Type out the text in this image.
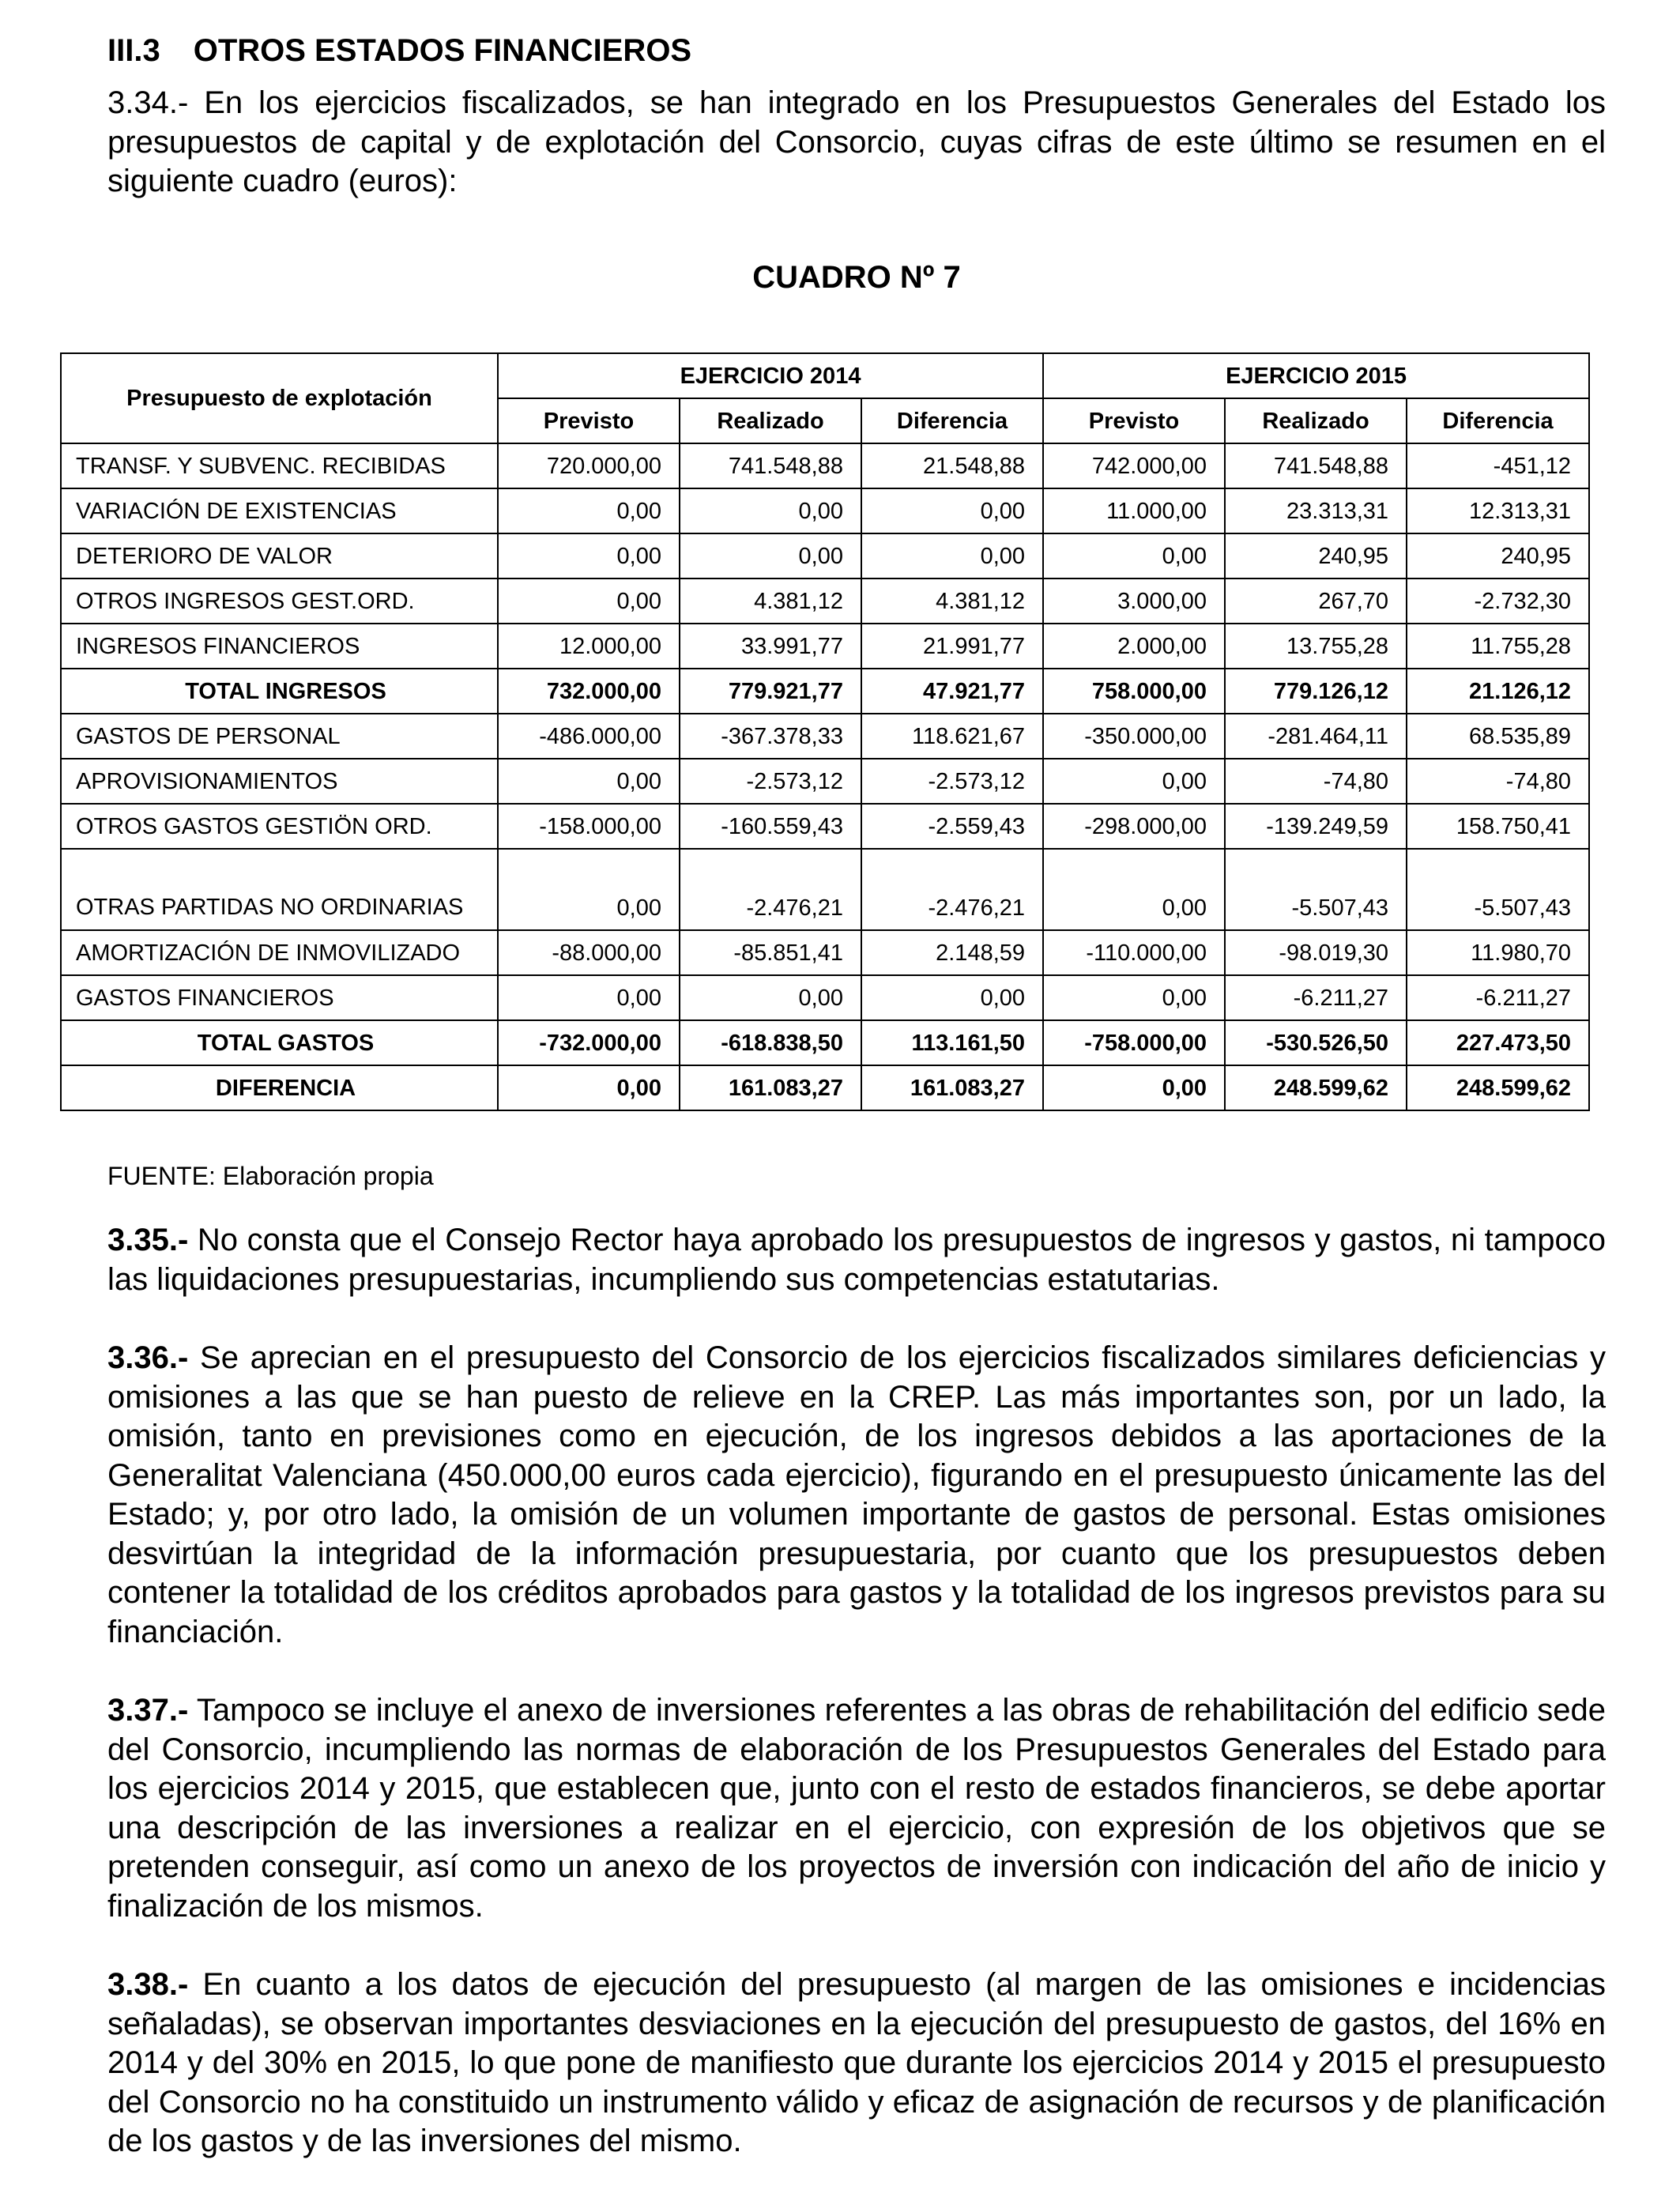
III.3 OTROS ESTADOS FINANCIEROS

3.34.- En los ejercicios fiscalizados, se han integrado en los Presupuestos Generales del Estado los presupuestos de capital y de explotación del Consorcio, cuyas cifras de este último se resumen en el siguiente cuadro (euros):

CUADRO Nº 7
Presupuesto de explotación	EJERCICIO 2014			EJERCICIO 2015		
	Previsto	Realizado	Diferencia	Previsto	Realizado	Diferencia
TRANSF. Y SUBVENC. RECIBIDAS	720.000,00	741.548,88	21.548,88	742.000,00	741.548,88	-451,12
VARIACIÓN DE EXISTENCIAS	0,00	0,00	0,00	11.000,00	23.313,31	12.313,31
DETERIORO DE VALOR	0,00	0,00	0,00	0,00	240,95	240,95
OTROS INGRESOS GEST.ORD.	0,00	4.381,12	4.381,12	3.000,00	267,70	-2.732,30
INGRESOS FINANCIEROS	12.000,00	33.991,77	21.991,77	2.000,00	13.755,28	11.755,28
TOTAL INGRESOS	732.000,00	779.921,77	47.921,77	758.000,00	779.126,12	21.126,12
GASTOS DE PERSONAL	-486.000,00	-367.378,33	118.621,67	-350.000,00	-281.464,11	68.535,89
APROVISIONAMIENTOS	0,00	-2.573,12	-2.573,12	0,00	-74,80	-74,80
OTROS GASTOS GESTIÖN ORD.	-158.000,00	-160.559,43	-2.559,43	-298.000,00	-139.249,59	158.750,41
OTRAS PARTIDAS NO ORDINARIAS	0,00	-2.476,21	-2.476,21	0,00	-5.507,43	-5.507,43
AMORTIZACIÓN DE INMOVILIZADO	-88.000,00	-85.851,41	2.148,59	-110.000,00	-98.019,30	11.980,70
GASTOS FINANCIEROS	0,00	0,00	0,00	0,00	-6.211,27	-6.211,27
TOTAL GASTOS	-732.000,00	-618.838,50	113.161,50	-758.000,00	-530.526,50	227.473,50
DIFERENCIA	0,00	161.083,27	161.083,27	0,00	248.599,62	248.599,62
FUENTE: Elaboración propia

3.35.- No consta que el Consejo Rector haya aprobado los presupuestos de ingresos y gastos, ni tampoco las liquidaciones presupuestarias, incumpliendo sus competencias estatutarias.

3.36.- Se aprecian en el presupuesto del Consorcio de los ejercicios fiscalizados similares deficiencias y omisiones a las que se han puesto de relieve en la CREP. Las más importantes son, por un lado, la omisión, tanto en previsiones como en ejecución, de los ingresos debidos a las aportaciones de la Generalitat Valenciana (450.000,00 euros cada ejercicio), figurando en el presupuesto únicamente las del Estado; y, por otro lado, la omisión de un volumen importante de gastos de personal. Estas omisiones desvirtúan la integridad de la información presupuestaria, por cuanto que los presupuestos deben contener la totalidad de los créditos aprobados para gastos y la totalidad de los ingresos previstos para su financiación.

3.37.- Tampoco se incluye el anexo de inversiones referentes a las obras de rehabilitación del edificio sede del Consorcio, incumpliendo las normas de elaboración de los Presupuestos Generales del Estado para los ejercicios 2014 y 2015, que establecen que, junto con el resto de estados financieros, se debe aportar una descripción de las inversiones a realizar en el ejercicio, con expresión de los objetivos que se pretenden conseguir, así como un anexo de los proyectos de inversión con indicación del año de inicio y finalización de los mismos.

3.38.- En cuanto a los datos de ejecución del presupuesto (al margen de las omisiones e incidencias señaladas), se observan importantes desviaciones en la ejecución del presupuesto de gastos, del 16% en 2014 y del 30% en 2015, lo que pone de manifiesto que durante los ejercicios 2014 y 2015 el presupuesto del Consorcio no ha constituido un instrumento válido y eficaz de asignación de recursos y de planificación de los gastos y de las inversiones del mismo.
